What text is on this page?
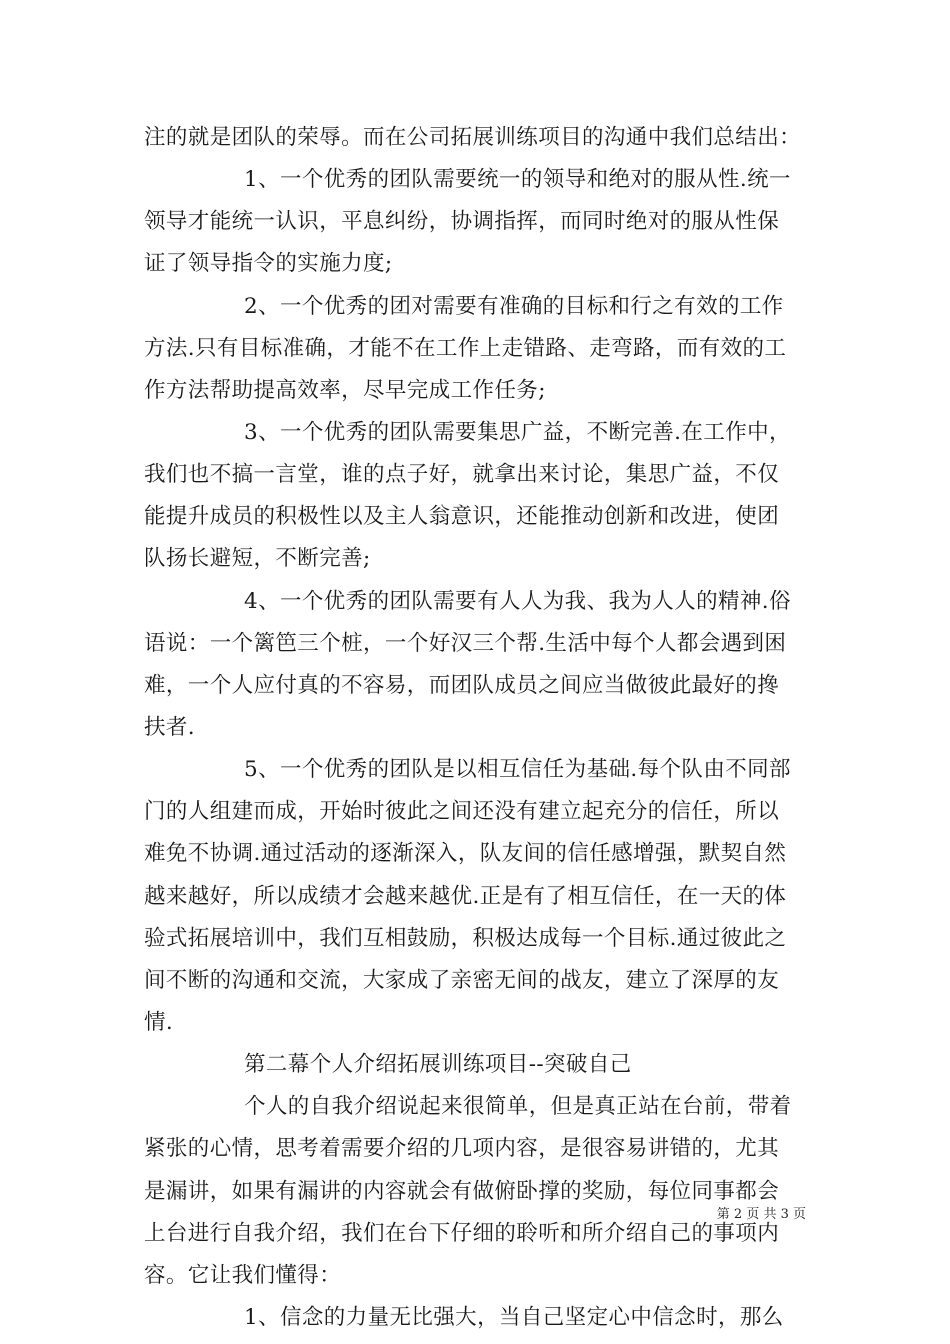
注的就是团队的荣辱。而在公司拓展训练项目的沟通中我们总结出：
1、一个优秀的团队需要统一的领导和绝对的服从性.统一
领导才能统一认识，平息纠纷，协调指挥，而同时绝对的服从性保
证了领导指令的实施力度;
2、一个优秀的团对需要有准确的目标和行之有效的工作
方法.只有目标准确，才能不在工作上走错路、走弯路，而有效的工
作方法帮助提高效率，尽早完成工作任务;
3、一个优秀的团队需要集思广益，不断完善.在工作中，
我们也不搞一言堂，谁的点子好，就拿出来讨论，集思广益，不仅
能提升成员的积极性以及主人翁意识，还能推动创新和改进，使团
队扬长避短，不断完善;
4、一个优秀的团队需要有人人为我、我为人人的精神.俗
语说：一个篱笆三个桩，一个好汉三个帮.生活中每个人都会遇到困
难，一个人应付真的不容易，而团队成员之间应当做彼此最好的搀
扶者.
5、一个优秀的团队是以相互信任为基础.每个队由不同部
门的人组建而成，开始时彼此之间还没有建立起充分的信任，所以
难免不协调.通过活动的逐渐深入，队友间的信任感增强，默契自然
越来越好，所以成绩才会越来越优.正是有了相互信任，在一天的体
验式拓展培训中，我们互相鼓励，积极达成每一个目标.通过彼此之
间不断的沟通和交流，大家成了亲密无间的战友，建立了深厚的友
情.
第二幕个人介绍拓展训练项目--突破自己
个人的自我介绍说起来很简单，但是真正站在台前，带着
紧张的心情，思考着需要介绍的几项内容，是很容易讲错的，尤其
是漏讲，如果有漏讲的内容就会有做俯卧撑的奖励，每位同事都会
上台进行自我介绍，我们在台下仔细的聆听和所介绍自己的事项内
容。它让我们懂得：
1、信念的力量无比强大，当自己坚定心中信念时，那么
第 2 页 共 3 页
